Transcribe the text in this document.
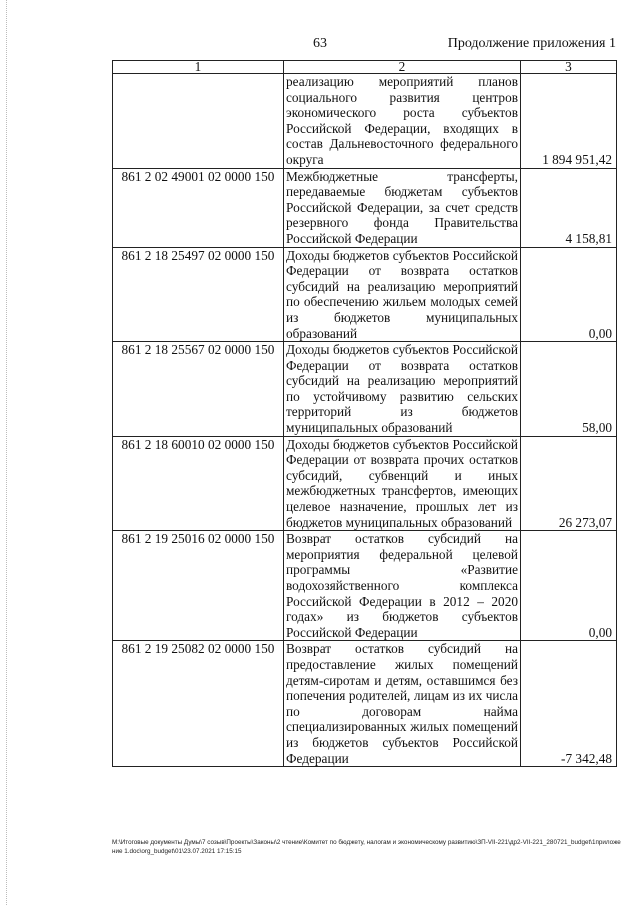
63	Продолжение приложения 1
1	2	3
	реализацию мероприятий планов социального развития центров экономического роста субъектов Российской Федерации, входящих в состав Дальневосточного федерального округа	1 894 951,42
861 2 02 49001 02 0000 150	Межбюджетные трансферты, передаваемые бюджетам субъектов Российской Федерации, за счет средств резервного фонда Правительства Российской Федерации	4 158,81
861 2 18 25497 02 0000 150	Доходы бюджетов субъектов Российской Федерации от возврата остатков субсидий на реализацию мероприятий по обеспечению жильем молодых семей из бюджетов муниципальных образований	0,00
861 2 18 25567 02 0000 150	Доходы бюджетов субъектов Российской Федерации от возврата остатков субсидий на реализацию мероприятий по устойчивому развитию сельских территорий из бюджетов муниципальных образований	58,00
861 2 18 60010 02 0000 150	Доходы бюджетов субъектов Российской Федерации от возврата прочих остатков субсидий, субвенций и иных межбюджетных трансфертов, имеющих целевое назначение, прошлых лет из бюджетов муниципальных образований	26 273,07
861 2 19 25016 02 0000 150	Возврат остатков субсидий на мероприятия федеральной целевой программы «Развитие водохозяйственного комплекса Российской Федерации в 2012 – 2020 годах» из бюджетов субъектов Российской Федерации	0,00
861 2 19 25082 02 0000 150	Возврат остатков субсидий на предоставление жилых помещений детям-сиротам и детям, оставшимся без попечения родителей, лицам из их числа по договорам найма специализированных жилых помещений из бюджетов субъектов Российской Федерации	-7 342,48
M:\Итоговые документы Думы\7 созыв\Проекты\Законы\2 чтение\Комитет по бюджету, налогам и экономическому развитию\ЗП-VII-221\др2-VII-221_280721_budget\1приложение 1.doc\org_budget\01\23.07.2021 17:15:15
